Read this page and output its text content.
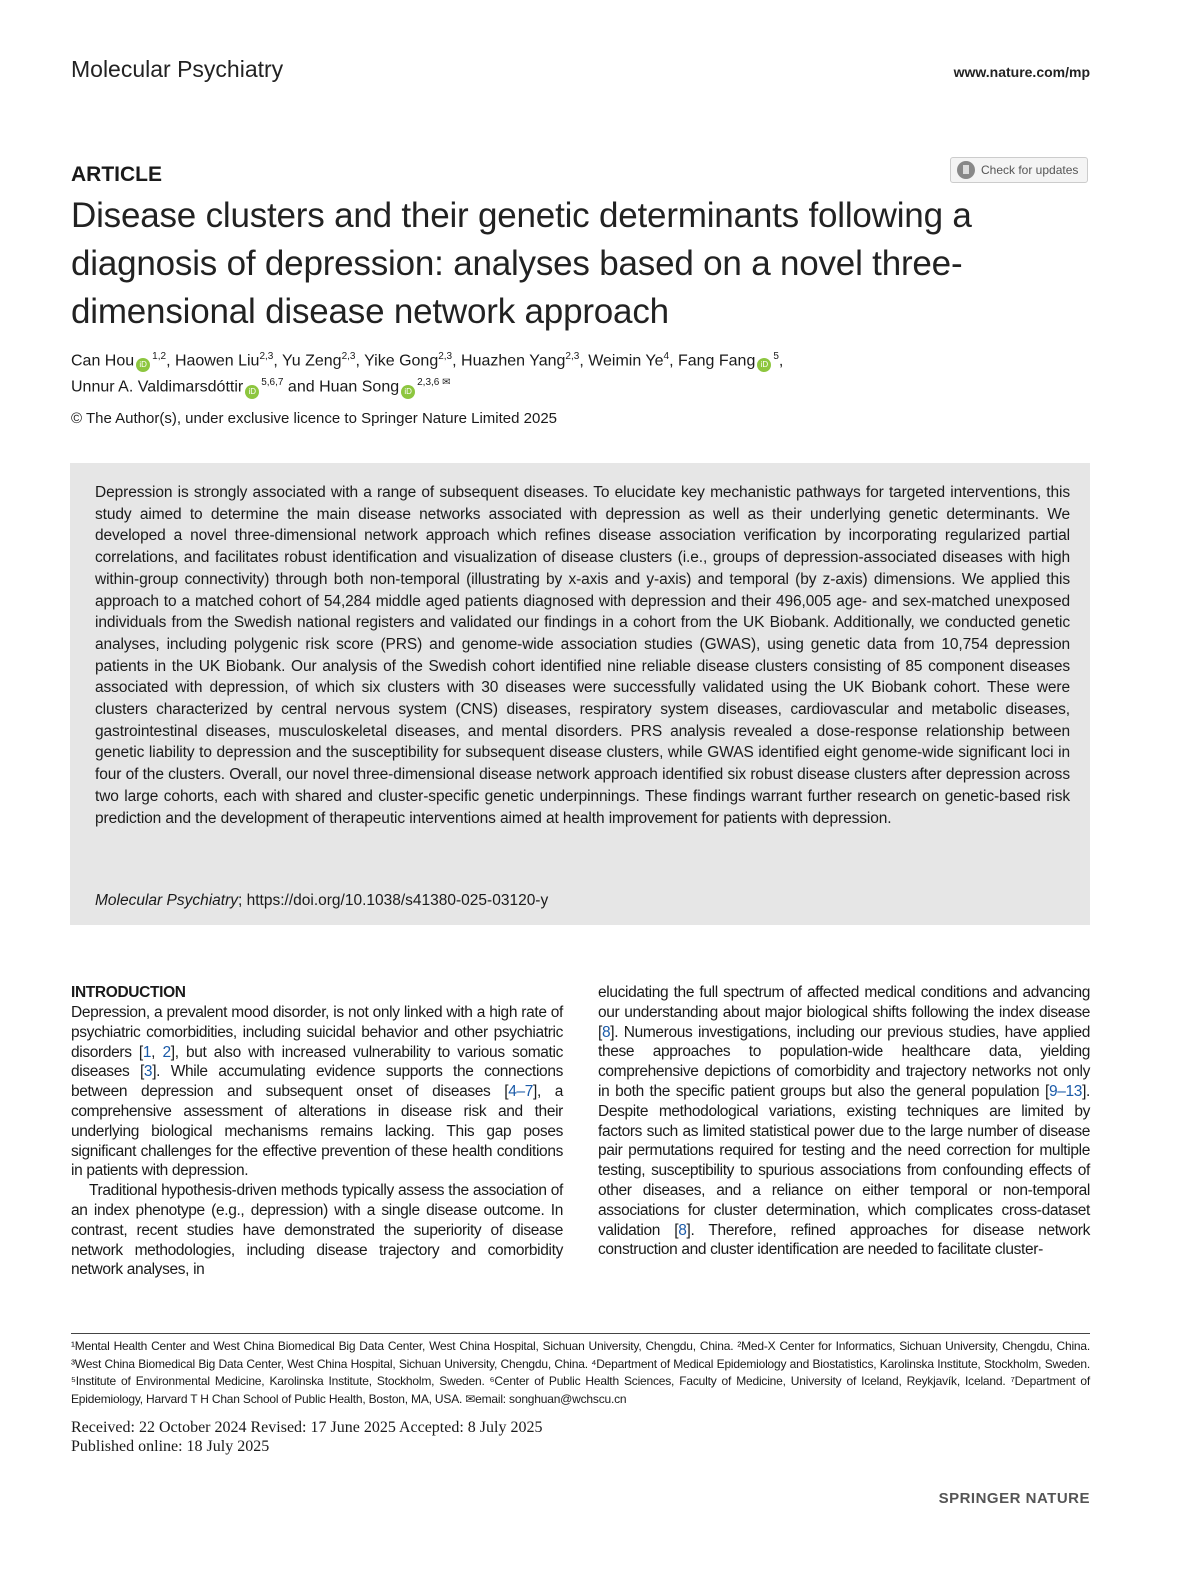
Molecular Psychiatry	www.nature.com/mp
ARTICLE	Check for updates
Disease clusters and their genetic determinants following a diagnosis of depression: analyses based on a novel three-dimensional disease network approach
Can Hou iD$^{1,2}$, Haowen Liu$^{2,3}$, Yu Zeng$^{2,3}$, Yike Gong$^{2,3}$, Huazhen Yang$^{2,3}$, Weimin Ye$^4$, Fang Fang $iD^5$,
Unnur A. Valdimarsdóttir iD$^{5,6,7}$ and Huan Song $iD^{2,3,6 ✉}$
© The Author(s), under exclusive licence to Springer Nature Limited 2025
Depression is strongly associated with a range of subsequent diseases. To elucidate key mechanistic pathways for targeted interventions, this study aimed to determine the main disease networks associated with depression as well as their underlying genetic determinants. We developed a novel three-dimensional network approach which refines disease association verification by incorporating regularized partial correlations, and facilitates robust identification and visualization of disease clusters (i.e., groups of depression-associated diseases with high within-group connectivity) through both non-temporal (illustrating by x-axis and y-axis) and temporal (by z-axis) dimensions. We applied this approach to a matched cohort of 54,284 middle aged patients diagnosed with depression and their 496,005 age- and sex-matched unexposed individuals from the Swedish national registers and validated our findings in a cohort from the UK Biobank. Additionally, we conducted genetic analyses, including polygenic risk score (PRS) and genome-wide association studies (GWAS), using genetic data from 10,754 depression patients in the UK Biobank. Our analysis of the Swedish cohort identified nine reliable disease clusters consisting of 85 component diseases associated with depression, of which six clusters with 30 diseases were successfully validated using the UK Biobank cohort. These were clusters characterized by central nervous system (CNS) diseases, respiratory system diseases, cardiovascular and metabolic diseases, gastrointestinal diseases, musculoskeletal diseases, and mental disorders. PRS analysis revealed a dose-response relationship between genetic liability to depression and the susceptibility for subsequent disease clusters, while GWAS identified eight genome-wide significant loci in four of the clusters. Overall, our novel three-dimensional disease network approach identified six robust disease clusters after depression across two large cohorts, each with shared and cluster-specific genetic underpinnings. These findings warrant further research on genetic-based risk prediction and the development of therapeutic interventions aimed at health improvement for patients with depression.
Molecular Psychiatry; https://doi.org/10.1038/s41380-025-03120-y
INTRODUCTION

Depression, a prevalent mood disorder, is not only linked with a high rate of psychiatric comorbidities, including suicidal behavior and other psychiatric disorders [1, 2], but also with increased vulnerability to various somatic diseases [3]. While accumulating evidence supports the connections between depression and subsequent onset of diseases [4–7], a comprehensive assessment of alterations in disease risk and their underlying biological mechanisms remains lacking. This gap poses significant challenges for the effective prevention of these health conditions in patients with depression.

Traditional hypothesis-driven methods typically assess the association of an index phenotype (e.g., depression) with a single disease outcome. In contrast, recent studies have demonstrated the superiority of disease network methodologies, including disease trajectory and comorbidity network analyses, in

elucidating the full spectrum of affected medical conditions and advancing our understanding about major biological shifts following the index disease [8]. Numerous investigations, including our previous studies, have applied these approaches to population-wide healthcare data, yielding comprehensive depictions of comorbidity and trajectory networks not only in both the specific patient groups but also the general population [9–13]. Despite methodological variations, existing techniques are limited by factors such as limited statistical power due to the large number of disease pair permutations required for testing and the need correction for multiple testing, susceptibility to spurious associations from confounding effects of other diseases, and a reliance on either temporal or non-temporal associations for cluster determination, which complicates cross-dataset validation [8]. Therefore, refined approaches for disease network construction and cluster identification are needed to facilitate cluster-

¹Mental Health Center and West China Biomedical Big Data Center, West China Hospital, Sichuan University, Chengdu, China. ²Med-X Center for Informatics, Sichuan University, Chengdu, China. ³West China Biomedical Big Data Center, West China Hospital, Sichuan University, Chengdu, China. ⁴Department of Medical Epidemiology and Biostatistics, Karolinska Institute, Stockholm, Sweden. ⁵Institute of Environmental Medicine, Karolinska Institute, Stockholm, Sweden. ⁶Center of Public Health Sciences, Faculty of Medicine, University of Iceland, Reykjavík, Iceland. ⁷Department of Epidemiology, Harvard T H Chan School of Public Health, Boston, MA, USA. ✉email: songhuan@wchscu.cn
Received: 22 October 2024 Revised: 17 June 2025 Accepted: 8 July 2025
Published online: 18 July 2025
SPRINGER NATURE
